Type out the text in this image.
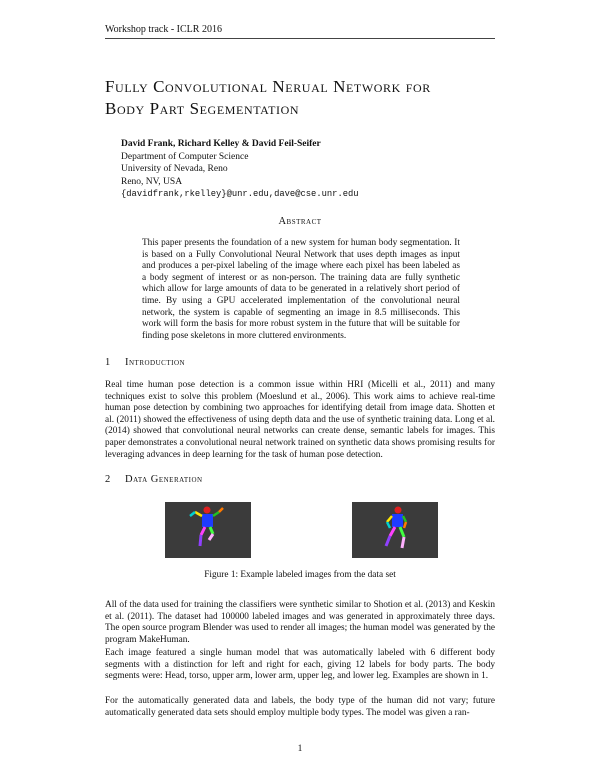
Workshop track - ICLR 2016
Fully Convolutional Nerual Network for
Body Part Segementation
David Frank, Richard Kelley & David Feil-Seifer
Department of Computer Science
University of Nevada, Reno
Reno, NV, USA
{davidfrank,rkelley}@unr.edu,dave@cse.unr.edu
Abstract
This paper presents the foundation of a new system for human body segmentation. It is based on a Fully Convolutional Neural Network that uses depth images as input and produces a per-pixel labeling of the image where each pixel has been labeled as a body segment of interest or as non-person. The training data are fully synthetic which allow for large amounts of data to be generated in a relatively short period of time. By using a GPU accelerated implementation of the convolutional neural network, the system is capable of segmenting an image in 8.5 milliseconds. This work will form the basis for more robust system in the future that will be suitable for finding pose skeletons in more cluttered environments.
1 Introduction
Real time human pose detection is a common issue within HRI (Micelli et al., 2011) and many techniques exist to solve this problem (Moeslund et al., 2006). This work aims to achieve real-time human pose detection by combining two approaches for identifying detail from image data. Shotten et al. (2011) showed the effectiveness of using depth data and the use of synthetic training data. Long et al. (2014) showed that convolutional neural networks can create dense, semantic labels for images. This paper demonstrates a convolutional neural network trained on synthetic data shows promising results for leveraging advances in deep learning for the task of human pose detection.
2 Data Generation
Figure 1: Example labeled images from the data set
All of the data used for training the classifiers were synthetic similar to Shotion et al. (2013) and Keskin et al. (2011). The dataset had 100000 labeled images and was generated in approximately three days. The open source program Blender was used to render all images; the human model was generated by the program MakeHuman.
Each image featured a single human model that was automatically labeled with 6 different body segments with a distinction for left and right for each, giving 12 labels for body parts. The body segments were: Head, torso, upper arm, lower arm, upper leg, and lower leg. Examples are shown in 1.
For the automatically generated data and labels, the body type of the human did not vary; future automatically generated data sets should employ multiple body types. The model was given a ran-
1
